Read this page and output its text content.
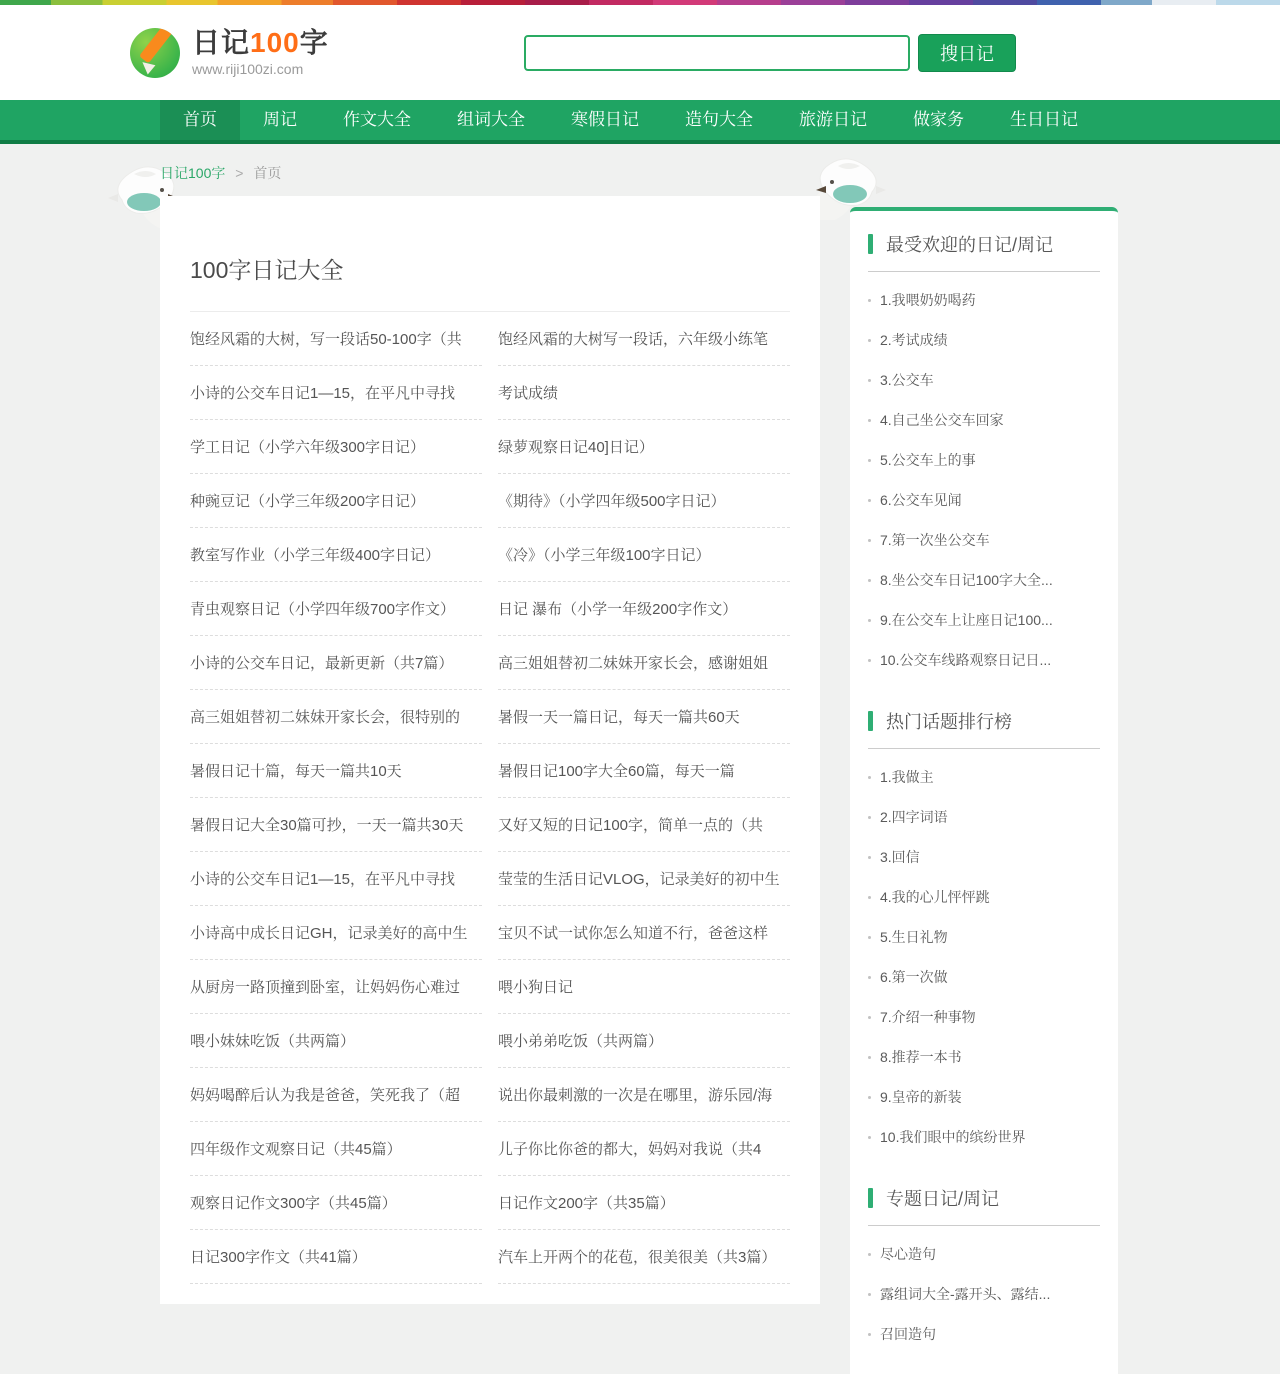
日记100字
www.riji100zi.com
搜日记
首页	周记	作文大全	组词大全	寒假日记	造句大全	旅游日记	做家务	生日日记
日记100字 > 首页
100字日记大全
饱经风霜的大树，写一段话50-100字（共	饱经风霜的大树写一段话，六年级小练笔
小诗的公交车日记1—15，在平凡中寻找	考试成绩
学工日记（小学六年级300字日记）	绿萝观察日记40]日记）
种豌豆记（小学三年级200字日记）	《期待》（小学四年级500字日记）
教室写作业（小学三年级400字日记）	《冷》（小学三年级100字日记）
青虫观察日记（小学四年级700字作文）	日记 瀑布（小学一年级200字作文）
小诗的公交车日记，最新更新（共7篇）	高三姐姐替初二妹妹开家长会，感谢姐姐
高三姐姐替初二妹妹开家长会，很特别的	暑假一天一篇日记，每天一篇共60天
暑假日记十篇，每天一篇共10天	暑假日记100字大全60篇，每天一篇
暑假日记大全30篇可抄，一天一篇共30天	又好又短的日记100字，简单一点的（共
小诗的公交车日记1—15，在平凡中寻找	莹莹的生活日记VLOG，记录美好的初中生
小诗高中成长日记GH，记录美好的高中生	宝贝不试一试你怎么知道不行，爸爸这样
从厨房一路顶撞到卧室，让妈妈伤心难过	喂小狗日记
喂小妹妹吃饭（共两篇）	喂小弟弟吃饭（共两篇）
妈妈喝醉后认为我是爸爸，笑死我了（超	说出你最刺激的一次是在哪里，游乐园/海
四年级作文观察日记（共45篇）	儿子你比你爸的都大，妈妈对我说（共4
观察日记作文300字（共45篇）	日记作文200字（共35篇）
日记300字作文（共41篇）	汽车上开两个的花苞，很美很美（共3篇）
最受欢迎的日记/周记
1.我喂奶奶喝药
2.考试成绩
3.公交车
4.自己坐公交车回家
5.公交车上的事
6.公交车见闻
7.第一次坐公交车
8.坐公交车日记100字大全...
9.在公交车上让座日记100...
10.公交车线路观察日记日...
热门话题排行榜
1.我做主
2.四字词语
3.回信
4.我的心儿怦怦跳
5.生日礼物
6.第一次做
7.介绍一种事物
8.推荐一本书
9.皇帝的新装
10.我们眼中的缤纷世界
专题日记/周记
尽心造句
露组词大全-露开头、露结...
召回造句
